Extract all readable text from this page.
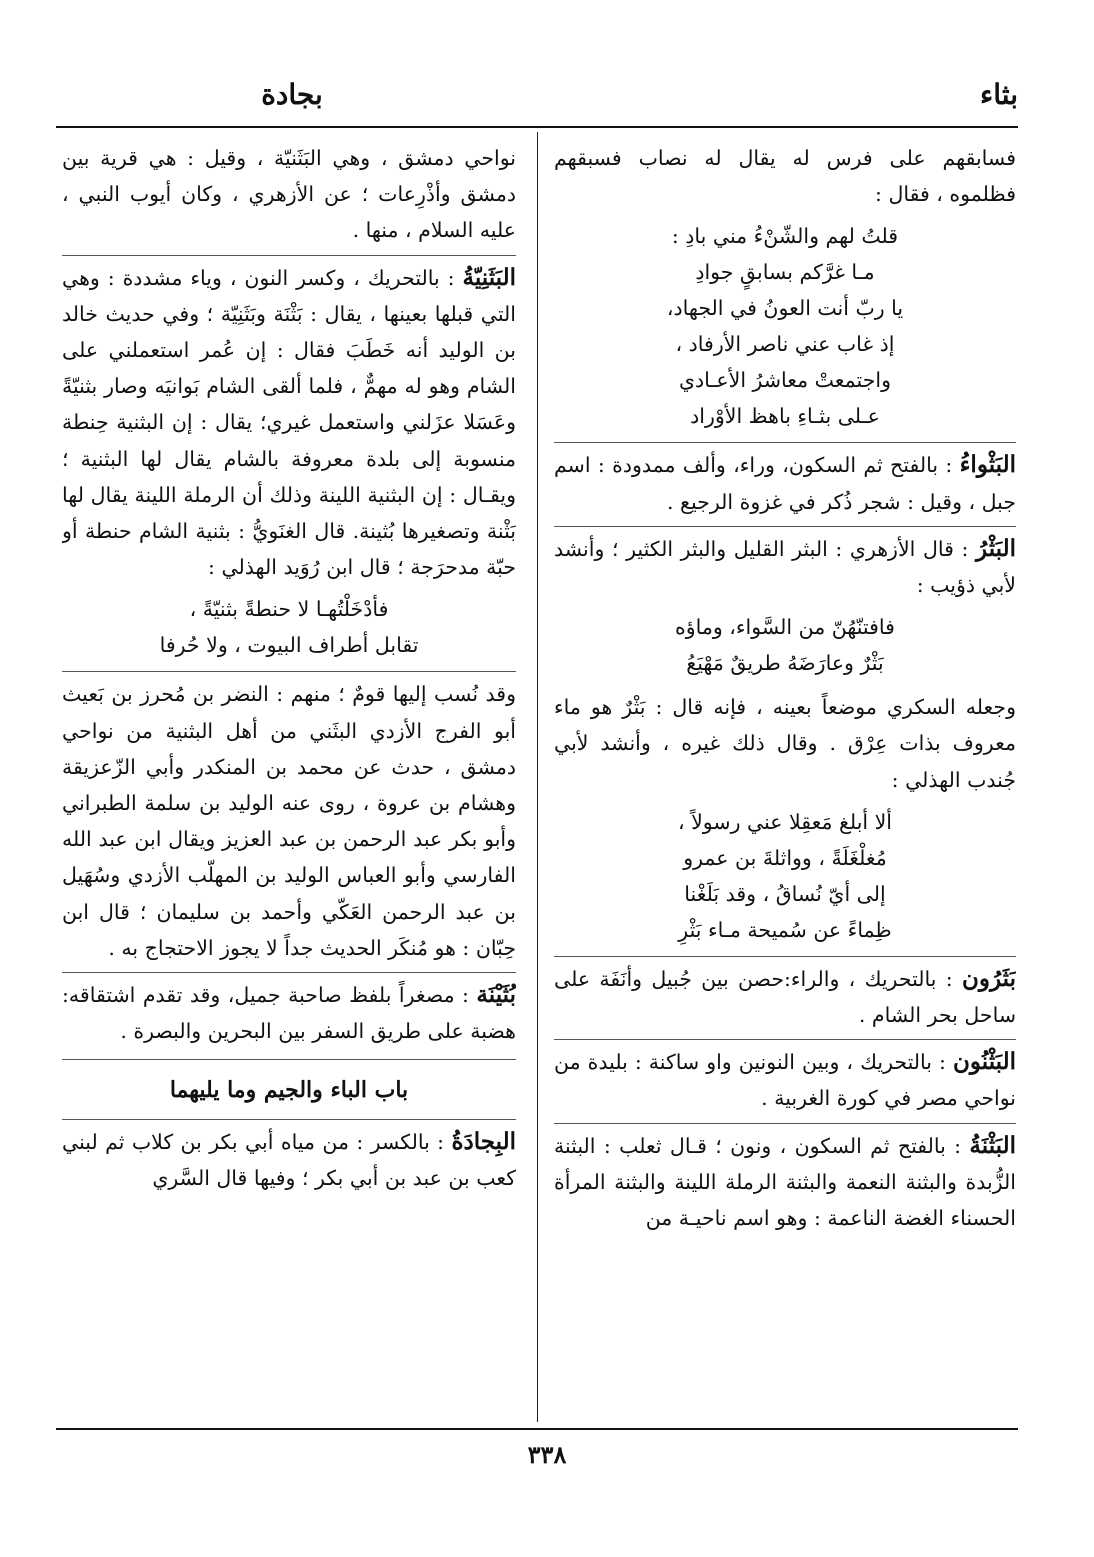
بثاء
بجادة

فسابقهم على فرس له يقال له نصاب فسبقهم فظلموه ، فقال :

قلتُ لهم والشّنْءُ مني بادِ :
مـا غرَّكم بسابقٍ جوادِ
يا ربّ أنت العونُ في الجهاد،
إذ غاب عني ناصر الأرفاد ،
واجتمعتْ معاشرُ الأعـادي
عـلى بثـاءِ باهظ الأوْراد

البَثْواءُ : بالفتح ثم السكون، وراء، وألف ممدودة : اسم جبل ، وقيل : شجر ذُكر في غزوة الرجيع .

البَثْرُ : قال الأزهري : البثر القليل والبثر الكثير ؛ وأنشد لأبي ذؤيب :

فافتنّهُنّ من السَّواء، وماؤه
بَثْرٌ وعارَضَهُ طريقٌ مَهْيَعُ

وجعله السكري موضعاً بعينه ، فإنه قال : بَثْرٌ هو ماء معروف بذات عِرْق . وقال ذلك غيره ، وأنشد لأبي جُندب الهذلي :

ألا أبلغ مَعقِلا عني رسولاً ،
مُغلْغَلَةً ، وواثلةَ بن عمرو
إلى أيّ نُساقُ ، وقد بَلَغْنا
ظِماءً عن سُميحة مـاء بَثْرِ

بَثَرُون : بالتحريك ، والراء:حصن بين جُبيل وأنَفَة على ساحل بحر الشام .

البَثْنُون : بالتحريك ، وبين النونين واو ساكنة : بليدة من نواحي مصر في كورة الغربية .

البَثْنَةُ : بالفتح ثم السكون ، ونون ؛ قـال ثعلب : البثنة الزُّبدة والبثنة النعمة والبثنة الرملة اللينة والبثنة المرأة الحسناء الغضة الناعمة : وهو اسم ناحيـة من

نواحي دمشق ، وهي البَثَنيّة ، وقيل : هي قرية بين دمشق وأذْرِعات ؛ عن الأزهري ، وكان أيوب النبي ، عليه السلام ، منها .

البَثَنِيّةُ : بالتحريك ، وكسر النون ، وياء مشددة : وهي التي قبلها بعينها ، يقال : بَثْنَة وبَثَنِيّة ؛ وفي حديث خالد بن الوليد أنه خَطَبَ فقال : إن عُمر استعملني على الشام وهو له مهمٌّ ، فلما ألقى الشام بَوانيَه وصار بثنيّةً وعَسَلا عزَلني واستعمل غيري؛ يقال : إن البثنية حِنطة منسوبة إلى بلدة معروفة بالشام يقال لها البثنية ؛ ويقـال : إن البثنية اللينة وذلك أن الرملة اللينة يقال لها بَثْنة وتصغيرها بُثينة. قال الغنَويُّ : بثنية الشام حنطة أو حبّة مدحرَجة ؛ قال ابن رُوَيد الهذلي :

فأدْخَلْتُهـا لا حنطةً بثنيّةً ،
تقابل أطراف البيوت ، ولا حُرفا

وقد نُسب إليها قومٌ ؛ منهم : النضر بن مُحرز بن بَعيث أبو الفرج الأزدي البثَني من أهل البثنية من نواحي دمشق ، حدث عن محمد بن المنكدر وأبي الزّعزيقة وهشام بن عروة ، روى عنه الوليد بن سلمة الطبراني وأبو بكر عبد الرحمن بن عبد العزيز ويقال ابن عبد الله الفارسي وأبو العباس الوليد بن المهلّب الأزدي وسُهَيل بن عبد الرحمن العَكّي وأحمد بن سليمان ؛ قال ابن حِبّان : هو مُنكَر الحديث جداً لا يجوز الاحتجاج به .

بُثَيْنَة : مصغراً بلفظ صاحبة جميل، وقد تقدم اشتقاقه: هضبة على طريق السفر بين البحرين والبصرة .

باب الباء والجيم وما يليهما

البِجادَةُ : بالكسر : من مياه أبي بكر بن كلاب ثم لبني كعب بن عبد بن أبي بكر ؛ وفيها قال السَّري

٣٣٨
